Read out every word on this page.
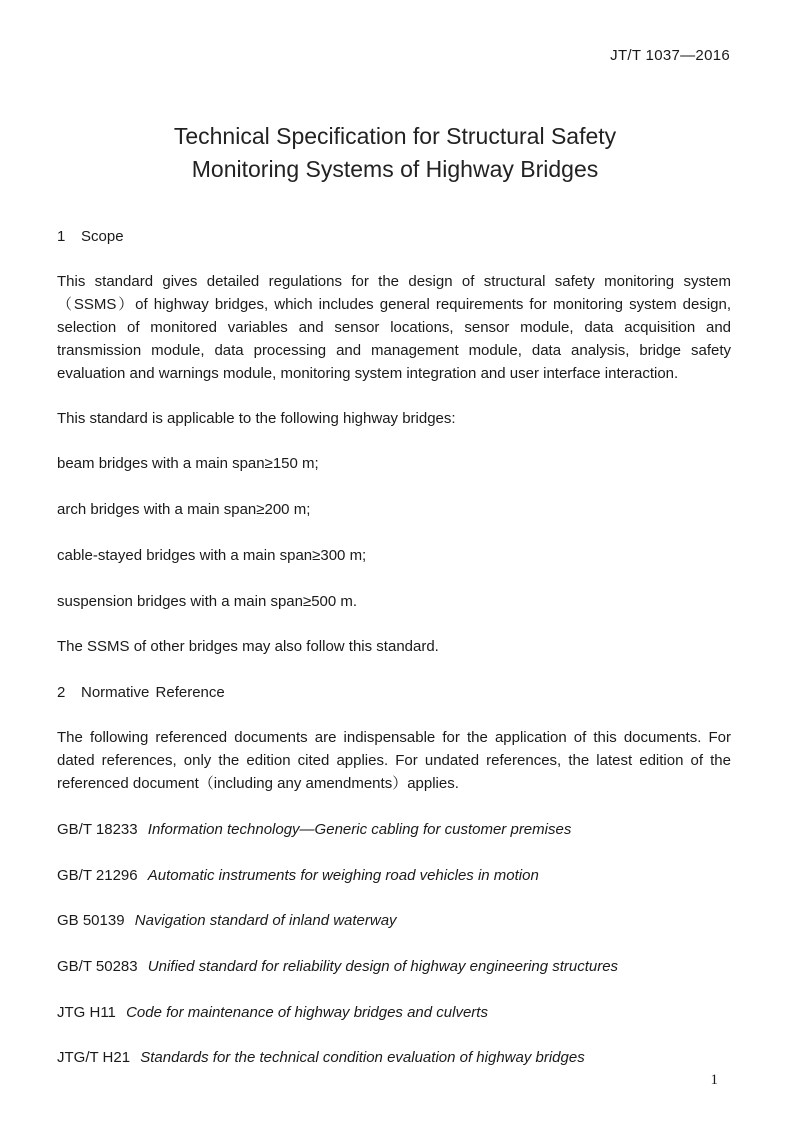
JT/T 1037—2016
Technical Specification for Structural Safety
Monitoring Systems of Highway Bridges
1 Scope
This standard gives detailed regulations for the design of structural safety monitoring system（SSMS）of highway bridges, which includes general requirements for monitoring system design, selection of monitored variables and sensor locations, sensor module, data acquisition and transmission module, data processing and management module, data analysis, bridge safety evaluation and warnings module, monitoring system integration and user interface interaction.
This standard is applicable to the following highway bridges:
beam bridges with a main span≥150 m;
arch bridges with a main span≥200 m;
cable-stayed bridges with a main span≥300 m;
suspension bridges with a main span≥500 m.
The SSMS of other bridges may also follow this standard.
2 Normative Reference
The following referenced documents are indispensable for the application of this documents. For dated references, only the edition cited applies. For undated references, the latest edition of the referenced document（including any amendments）applies.
GB/T 18233 Information technology—Generic cabling for customer premises
GB/T 21296 Automatic instruments for weighing road vehicles in motion
GB 50139 Navigation standard of inland waterway
GB/T 50283 Unified standard for reliability design of highway engineering structures
JTG H11 Code for maintenance of highway bridges and culverts
JTG/T H21 Standards for the technical condition evaluation of highway bridges
1
